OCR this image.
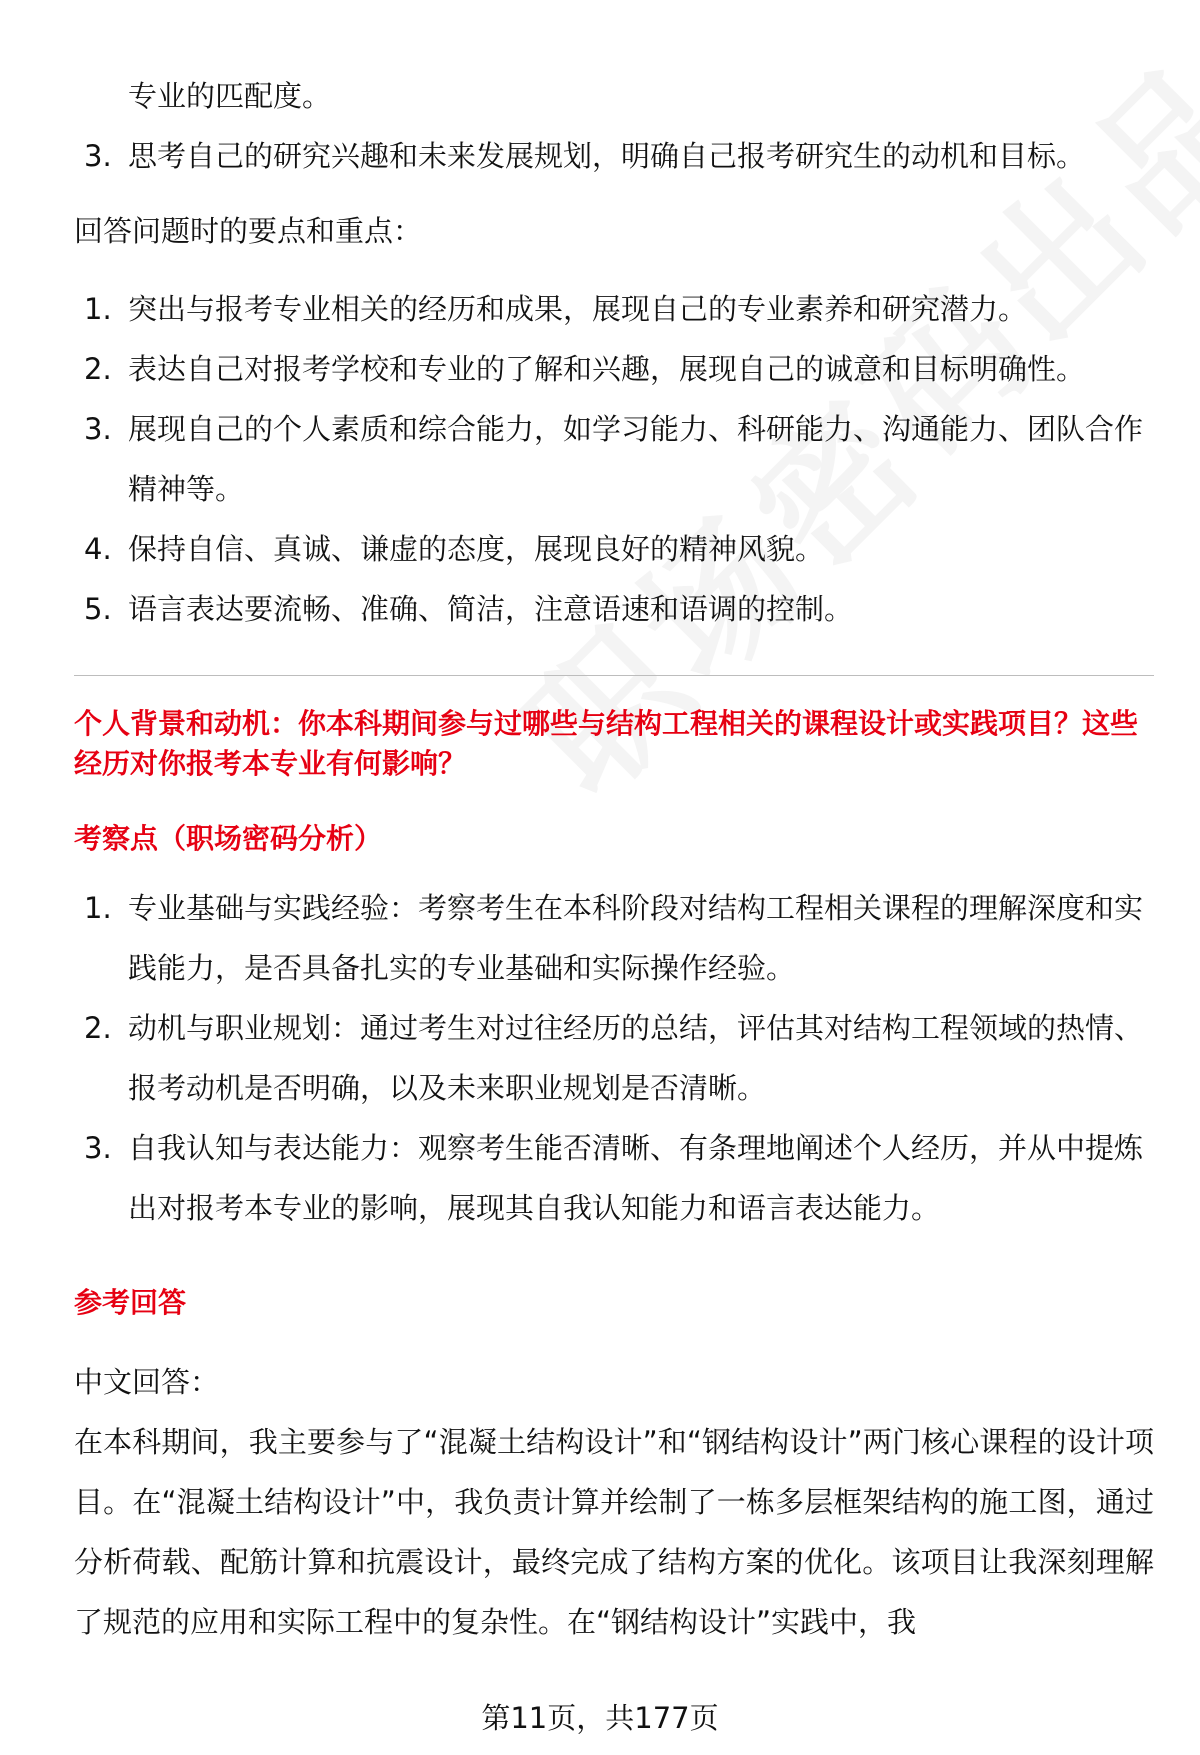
专业的匹配度。

3. 思考自己的研究兴趣和未来发展规划，明确自己报考研究生的动机和目标。

回答问题时的要点和重点：

1. 突出与报考专业相关的经历和成果，展现自己的专业素养和研究潜力。
2. 表达自己对报考学校和专业的了解和兴趣，展现自己的诚意和目标明确性。
3. 展现自己的个人素质和综合能力，如学习能力、科研能力、沟通能力、团队合作精神等。
4. 保持自信、真诚、谦虚的态度，展现良好的精神风貌。
5. 语言表达要流畅、准确、简洁，注意语速和语调的控制。

个人背景和动机：你本科期间参与过哪些与结构工程相关的课程设计或实践项目？这些经历对你报考本专业有何影响？

考察点（职场密码分析）

1. 专业基础与实践经验：考察考生在本科阶段对结构工程相关课程的理解深度和实践能力，是否具备扎实的专业基础和实际操作经验。
2. 动机与职业规划：通过考生对过往经历的总结，评估其对结构工程领域的热情、报考动机是否明确，以及未来职业规划是否清晰。
3. 自我认知与表达能力：观察考生能否清晰、有条理地阐述个人经历，并从中提炼出对报考本专业的影响，展现其自我认知能力和语言表达能力。

参考回答

中文回答：

在本科期间，我主要参与了“混凝土结构设计”和“钢结构设计”两门核心课程的设计项目。在“混凝土结构设计”中，我负责计算并绘制了一栋多层框架结构的施工图，通过分析荷载、配筋计算和抗震设计，最终完成了结构方案的优化。该项目让我深刻理解了规范的应用和实际工程中的复杂性。在“钢结构设计”实践中，我

第11页，共177页
